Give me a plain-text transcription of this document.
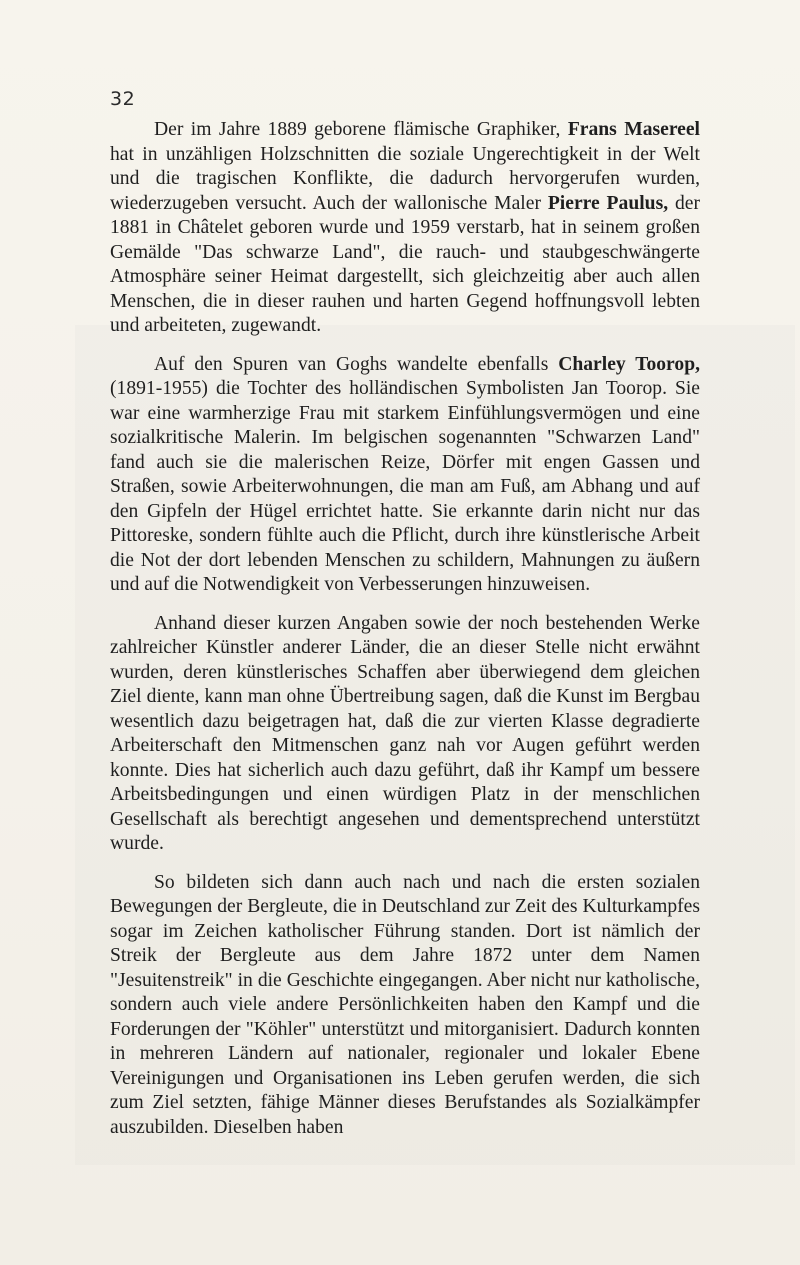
32

Der im Jahre 1889 geborene flämische Graphiker, Frans Masereel hat in unzähligen Holzschnitten die soziale Ungerechtigkeit in der Welt und die tragischen Konflikte, die dadurch hervorgerufen wurden, wiederzugeben versucht. Auch der wallonische Maler Pierre Paulus, der 1881 in Châtelet geboren wurde und 1959 verstarb, hat in seinem großen Gemälde "Das schwarze Land", die rauch- und staubgeschwängerte Atmosphäre seiner Heimat dargestellt, sich gleichzeitig aber auch allen Menschen, die in dieser rauhen und harten Gegend hoffnungsvoll lebten und arbeiteten, zugewandt.

Auf den Spuren van Goghs wandelte ebenfalls Charley Toorop, (1891-1955) die Tochter des holländischen Symbolisten Jan Toorop. Sie war eine warmherzige Frau mit starkem Einfühlungsvermögen und eine sozialkritische Malerin. Im belgischen sogenannten "Schwarzen Land" fand auch sie die malerischen Reize, Dörfer mit engen Gassen und Straßen, sowie Arbeiterwohnungen, die man am Fuß, am Abhang und auf den Gipfeln der Hügel errichtet hatte. Sie erkannte darin nicht nur das Pittoreske, sondern fühlte auch die Pflicht, durch ihre künstlerische Arbeit die Not der dort lebenden Menschen zu schildern, Mahnungen zu äußern und auf die Notwendigkeit von Verbesserungen hinzuweisen.

Anhand dieser kurzen Angaben sowie der noch bestehenden Werke zahlreicher Künstler anderer Länder, die an dieser Stelle nicht erwähnt wurden, deren künstlerisches Schaffen aber überwiegend dem gleichen Ziel diente, kann man ohne Übertreibung sagen, daß die Kunst im Bergbau wesentlich dazu beigetragen hat, daß die zur vierten Klasse degradierte Arbeiterschaft den Mitmenschen ganz nah vor Augen geführt werden konnte. Dies hat sicherlich auch dazu geführt, daß ihr Kampf um bessere Arbeitsbedingungen und einen würdigen Platz in der menschlichen Gesellschaft als berechtigt angesehen und dementsprechend unterstützt wurde.

So bildeten sich dann auch nach und nach die ersten sozialen Bewegungen der Bergleute, die in Deutschland zur Zeit des Kulturkampfes sogar im Zeichen katholischer Führung standen. Dort ist nämlich der Streik der Bergleute aus dem Jahre 1872 unter dem Namen "Jesuitenstreik" in die Geschichte eingegangen. Aber nicht nur katholische, sondern auch viele andere Persönlichkeiten haben den Kampf und die Forderungen der "Köhler" unterstützt und mitorganisiert. Dadurch konnten in mehreren Ländern auf nationaler, regionaler und lokaler Ebene Vereinigungen und Organisationen ins Leben gerufen werden, die sich zum Ziel setzten, fähige Männer dieses Berufstandes als Sozialkämpfer auszubilden. Dieselben haben
